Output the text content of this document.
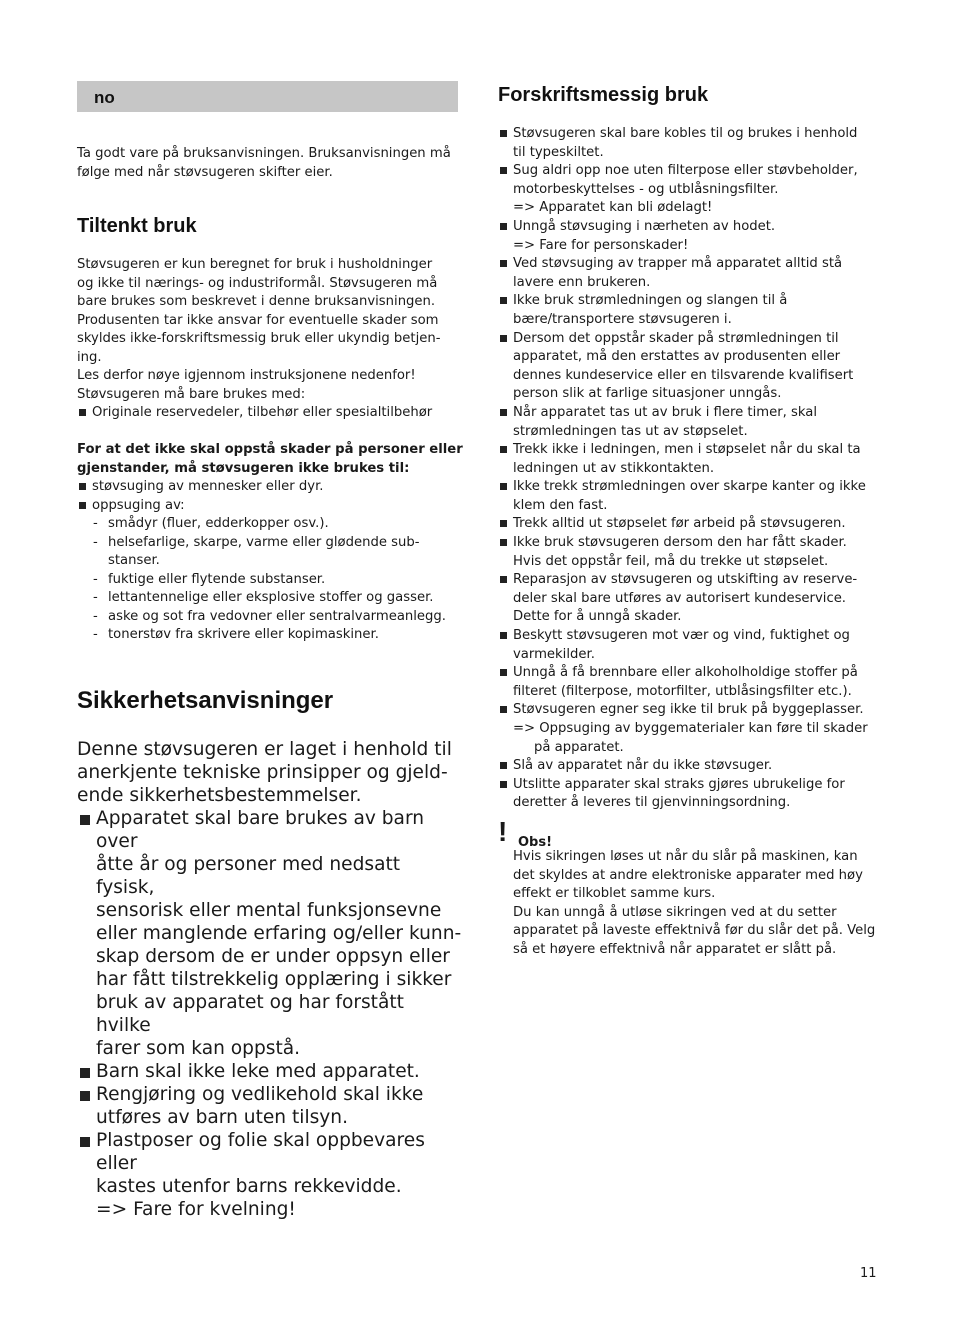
no

Ta godt vare på bruksanvisningen. Bruksanvisningen må følge med når støvsugeren skifter eier.

Tiltenkt bruk
Støvsugeren er kun beregnet for bruk i husholdninger
og ikke til nærings- og industriformål. Støvsugeren må
bare brukes som beskrevet i denne bruksanvisningen.
Produsenten tar ikke ansvar for eventuelle skader som
skyldes ikke-forskriftsmessig bruk eller ukyndig betjen-
ing.
Les derfor nøye igjennom instruksjonene nedenfor!
Støvsugeren må bare brukes med:
Originale reservedeler, tilbehør eller spesialtilbehør
For at det ikke skal oppstå skader på personer eller
gjenstander, må støvsugeren ikke brukes til:
støvsuging av mennesker eller dyr.
oppsuging av:
- smådyr (fluer, edderkopper osv.).
- helsefarlige, skarpe, varme eller glødende sub-
stanser.
- fuktige eller flytende substanser.
- lettantennelige eller eksplosive stoffer og gasser.
- aske og sot fra vedovner eller sentralvarmeanlegg.
- tonerstøv fra skrivere eller kopimaskiner.
Sikkerhetsanvisninger
Denne støvsugeren er laget i henhold til
anerkjente tekniske prinsipper og gjeld-
ende sikkerhetsbestemmelser.
Apparatet skal bare brukes av barn over
åtte år og personer med nedsatt fysisk,
sensorisk eller mental funksjonsevne
eller manglende erfaring og/eller kunn-
skap dersom de er under oppsyn eller
har fått tilstrekkelig opplæring i sikker
bruk av apparatet og har forstått hvilke
farer som kan oppstå.
Barn skal ikke leke med apparatet.
Rengjøring og vedlikehold skal ikke
utføres av barn uten tilsyn.
Plastposer og folie skal oppbevares eller
kastes utenfor barns rekkevidde.
=> Fare for kvelning!
Forskriftsmessig bruk
Støvsugeren skal bare kobles til og brukes i henhold
til typeskiltet.
Sug aldri opp noe uten filterpose eller støvbeholder,
motorbeskyttelses - og utblåsningsfilter.
=> Apparatet kan bli ødelagt!
Unngå støvsuging i nærheten av hodet.
=> Fare for personskader!
Ved støvsuging av trapper må apparatet alltid stå
lavere enn brukeren.
Ikke bruk strømledningen og slangen til å
bære/transportere støvsugeren i.
Dersom det oppstår skader på strømledningen til
apparatet, må den erstattes av produsenten eller
dennes kundeservice eller en tilsvarende kvalifisert
person slik at farlige situasjoner unngås.
Når apparatet tas ut av bruk i flere timer, skal
strømledningen tas ut av støpselet.
Trekk ikke i ledningen, men i støpselet når du skal ta
ledningen ut av stikkontakten.
Ikke trekk strømledningen over skarpe kanter og ikke
klem den fast.
Trekk alltid ut støpselet før arbeid på støvsugeren.
Ikke bruk støvsugeren dersom den har fått skader.
Hvis det oppstår feil, må du trekke ut støpselet.
Reparasjon av støvsugeren og utskifting av reserve-
deler skal bare utføres av autorisert kundeservice.
Dette for å unngå skader.
Beskytt støvsugeren mot vær og vind, fuktighet og
varmekilder.
Unngå å få brennbare eller alkoholholdige stoffer på
filteret (filterpose, motorfilter, utblåsingsfilter etc.).
Støvsugeren egner seg ikke til bruk på byggeplasser.
=> Oppsuging av byggematerialer kan føre til skader
på apparatet.
Slå av apparatet når du ikke støvsuger.
Utslitte apparater skal straks gjøres ubrukelige for
deretter å leveres til gjenvinningsordning.
! Obs!
Hvis sikringen løses ut når du slår på maskinen, kan
det skyldes at andre elektroniske apparater med høy
effekt er tilkoblet samme kurs.
Du kan unngå å utløse sikringen ved at du setter
apparatet på laveste effektnivå før du slår det på. Velg
så et høyere effektnivå når apparatet er slått på.
11
